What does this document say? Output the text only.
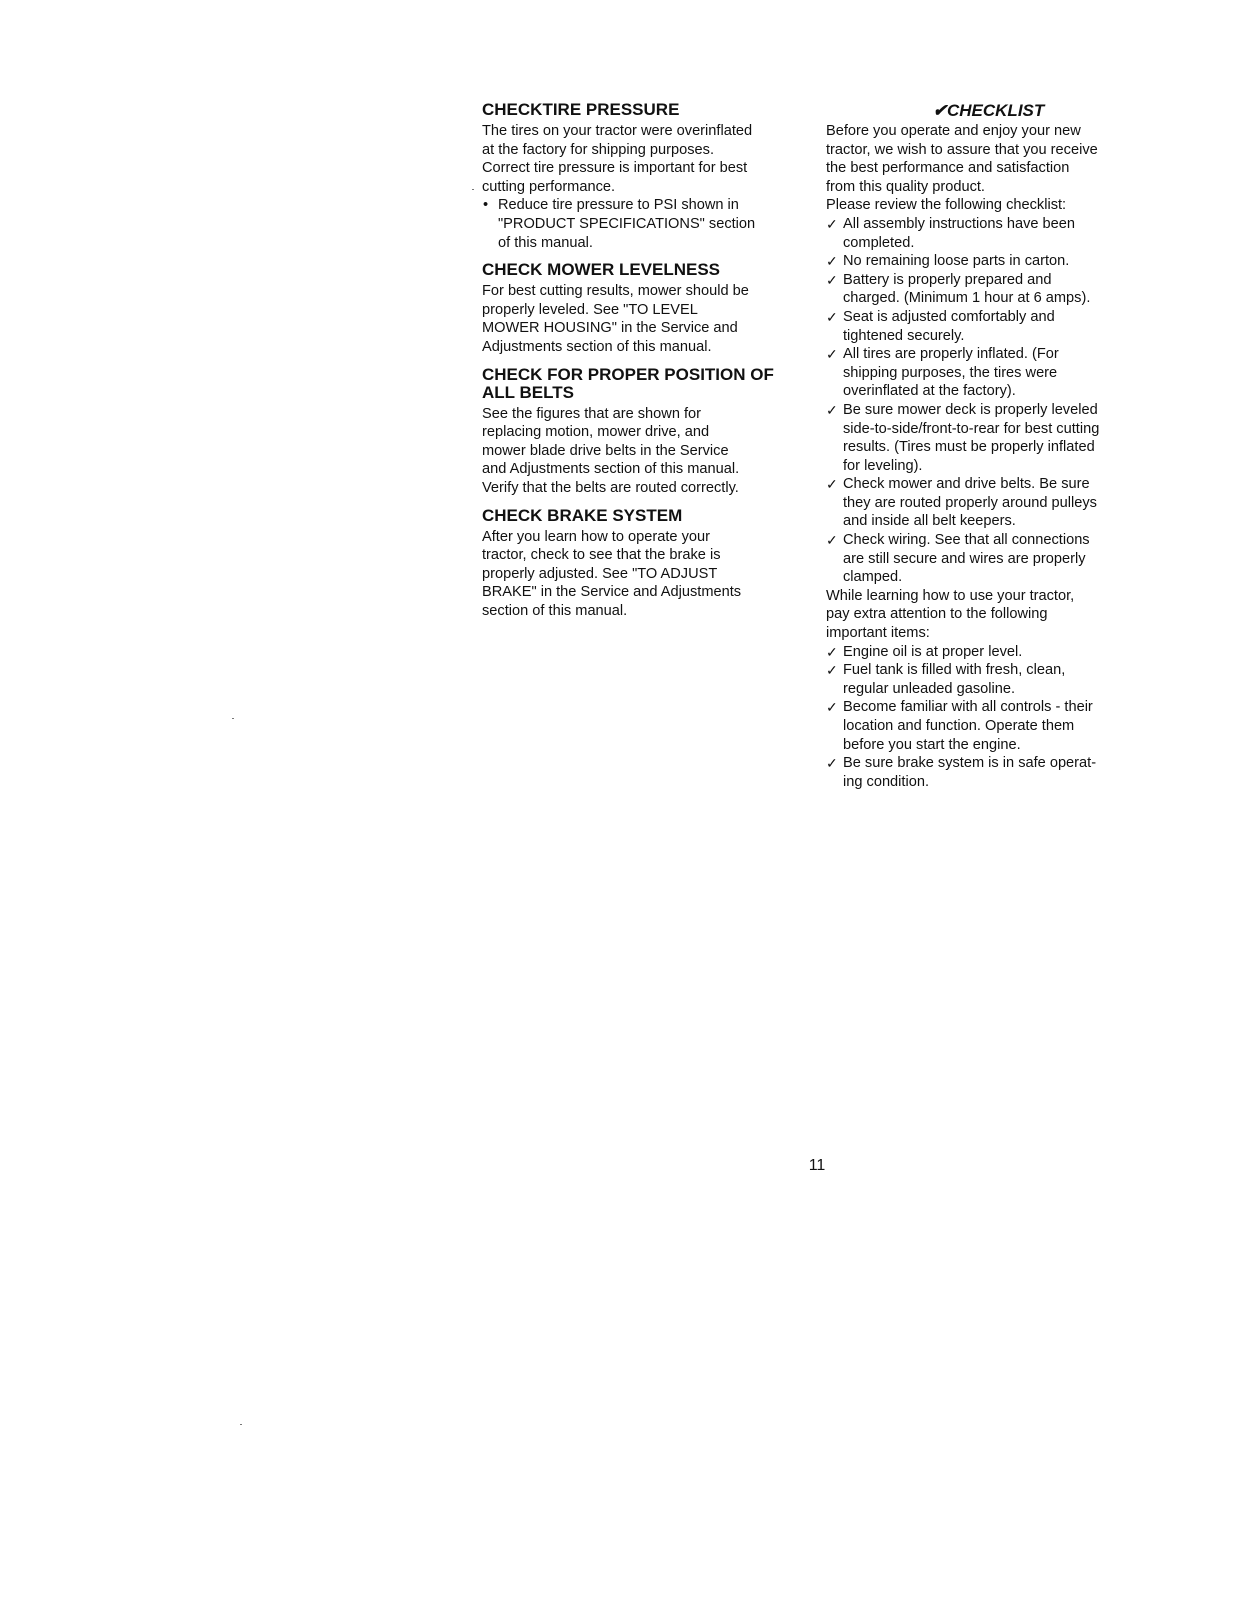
CHECKTIRE PRESSURE

The tires on your tractor were overinflated
at the factory for shipping purposes.
Correct tire pressure is important for best
cutting performance.

• Reduce tire pressure to PSI shown in
"PRODUCT SPECIFICATIONS" section
of this manual.
CHECK MOWER LEVELNESS

For best cutting results, mower should be
properly leveled. See "TO LEVEL
MOWER HOUSING" in the Service and
Adjustments section of this manual.

CHECK FOR PROPER POSITION OF
ALL BELTS

See the figures that are shown for
replacing motion, mower drive, and
mower blade drive belts in the Service
and Adjustments section of this manual.
Verify that the belts are routed correctly.

CHECK BRAKE SYSTEM

After you learn how to operate your
tractor, check to see that the brake is
properly adjusted. See "TO ADJUST
BRAKE" in the Service and Adjustments
section of this manual.

✔CHECKLIST

Before you operate and enjoy your new
tractor, we wish to assure that you receive
the best performance and satisfaction
from this quality product.
Please review the following checklist:

✓ All assembly instructions have been
completed.
✓ No remaining loose parts in carton.
✓ Battery is properly prepared and
charged. (Minimum 1 hour at 6 amps).
✓ Seat is adjusted comfortably and
tightened securely.
✓ All tires are properly inflated. (For
shipping purposes, the tires were
overinflated at the factory).
✓ Be sure mower deck is properly leveled
side-to-side/front-to-rear for best cutting
results. (Tires must be properly inflated
for leveling).
✓ Check mower and drive belts. Be sure
they are routed properly around pulleys
and inside all belt keepers.
✓ Check wiring. See that all connections
are still secure and wires are properly
clamped.

While learning how to use your tractor,
pay extra attention to the following
important items:

✓ Engine oil is at proper level.
✓ Fuel tank is filled with fresh, clean,
regular unleaded gasoline.
✓ Become familiar with all controls - their
location and function. Operate them
before you start the engine.
✓ Be sure brake system is in safe operat-
ing condition.
11
